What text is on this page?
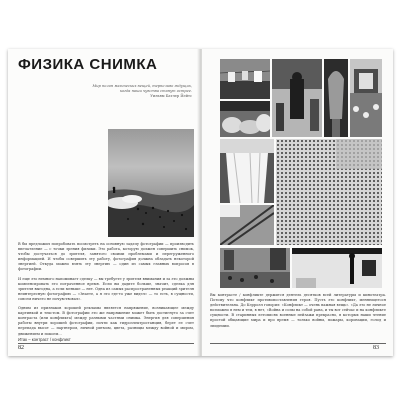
ФИЗИКА СНИМКА
Мир полон магических вещей, терпеливо ждущих,
когда наши чувства станут острее.
Уильям Батлер Йейтс

В бы предложил попробовать посмотреть на основную задачу фотографии — производить впечатление — с точки зрения физики. Это работа, которую должен совершить снимок, чтобы достучаться до зрителя, занятого своими проблемами и перегруженного информацией. И чтобы совершить эту работу, фотография должна обладать некоторой энергией. Откуда можно взять эту энергию — один из самых главных вопросов в фотографии.

И еще это немного напоминает сделку — вы требуете у зрителя внимания и за это должны компенсировать его потраченное время. Если вы дадите больше, значит, сделка для зрителя выгодна, а если меньше — нет. Одна из самых распространенных реакций зрителя неинтересную фотографию — «Знаете, а я это где-то уже видел» — то есть, в сущности, совсем ничего не почувствовал».

Одним из признаков хорошей рекламы является напряжение, возникающее между картинкой и текстом. В фотографии это же напряжение может быть достигнуто за счет контраста (или конфликта) между разными частями снимка. Энергия для совершения работы внутри хорошей фотографии, почти как гидроэлектростанция, берет ее счет перепада высот — партнером, личной ритмом, цвета, разницы между войной и миром, движением и покоем...

Итак – контраст / конфликт
82

Вы контрасте / конфликте держится деятель десятков всей литературы и кинотеатра. Потому что конфликт противопоставления героя. Пусть это конфликт, меняющегося действительна. До Кэрролл говорил: «Конфликт — очень важная вещь». «Да это не личное возможно в нем и тем, в нет, «Война и сопы на собой рана, и ты вот сейчас и на конфликте сущности. В старинных летописях военные пейзажи прекрасно, в которых наши чтение простой общающие мира и про время — только войны, пожары, коронации, голод и эпидемии.

83
